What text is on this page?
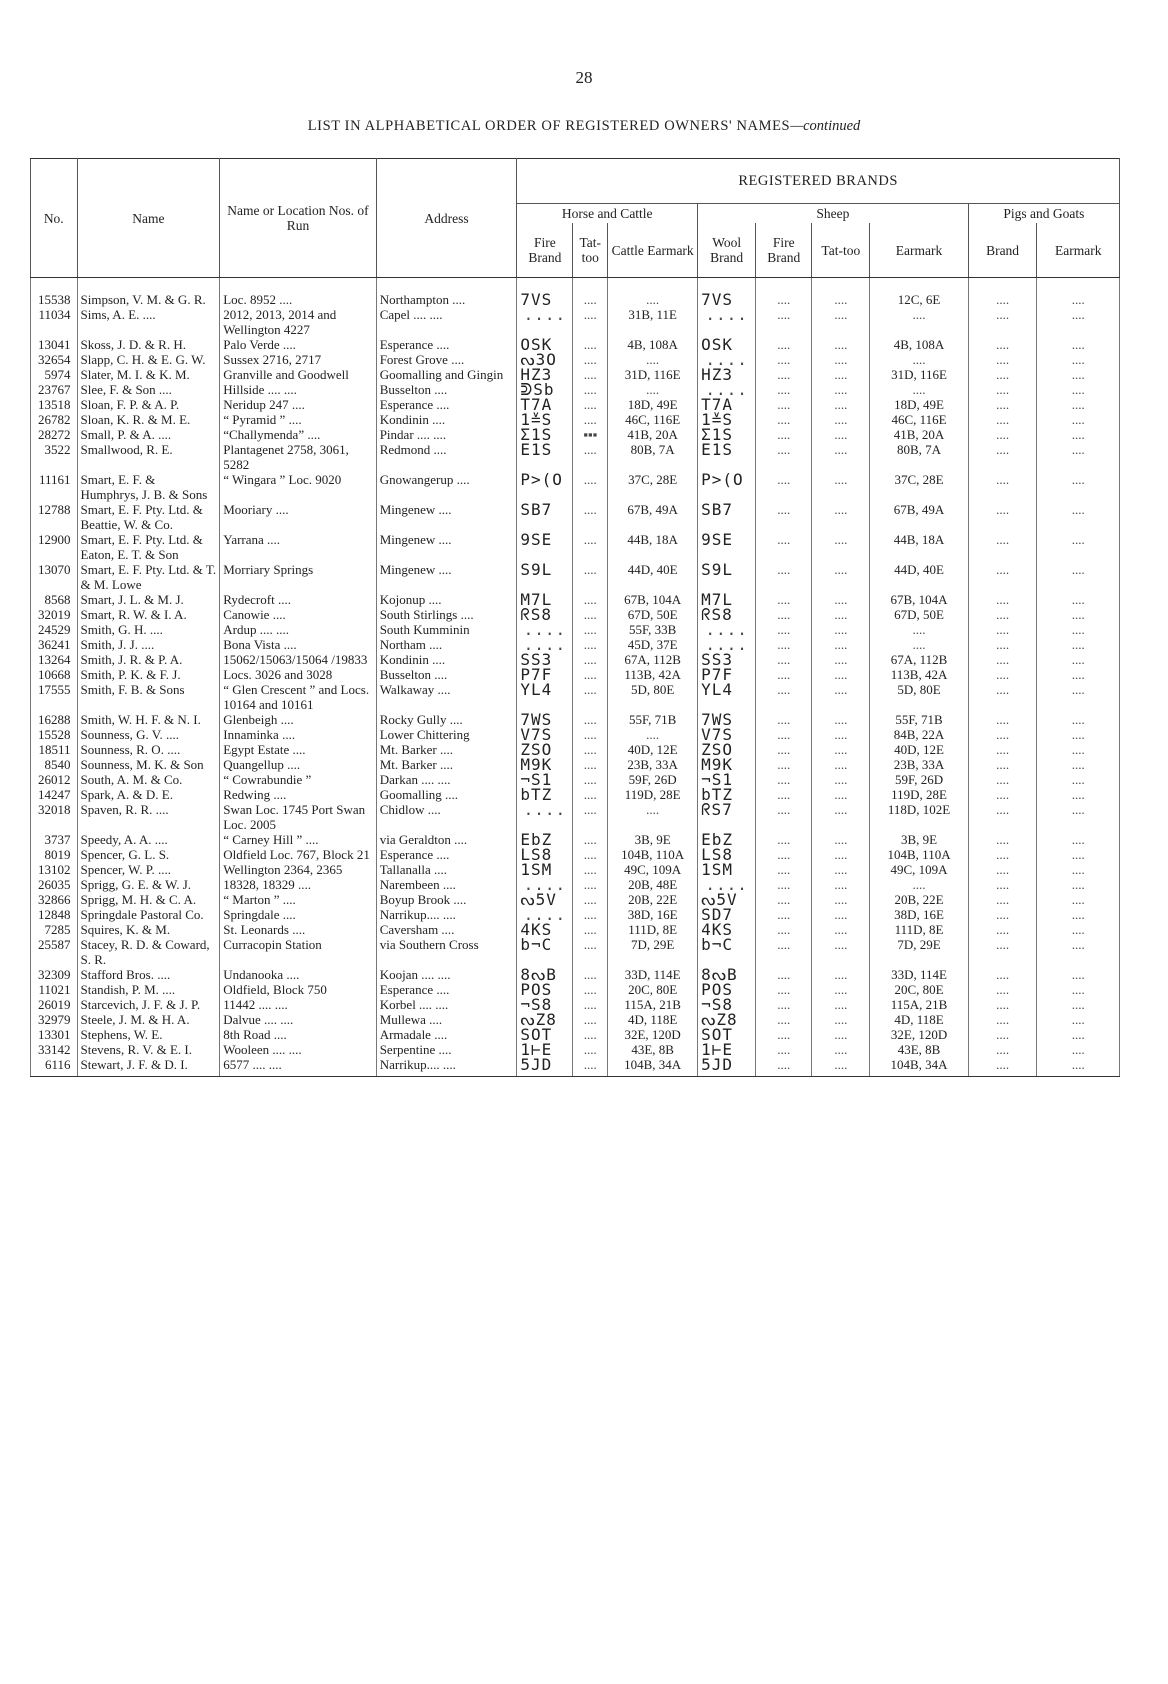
28
LIST IN ALPHABETICAL ORDER OF REGISTERED OWNERS' NAMES—continued
No.	Name	Name or Location Nos. of Run	Address	REGISTERED BRANDS								
				Horse and Cattle			Sheep				Pigs and Goats	
				Fire Brand	Tat-too	Cattle Earmark	Wool Brand	Fire Brand	Tat-too	Earmark	Brand	Earmark
15538	Simpson, V. M. & G. R.	Loc. 8952 ....	Northampton ....	7VS	....	....	7VS	....	....	12C, 6E	....	....
11034	Sims, A. E. ....	2012, 2013, 2014 and Wellington 4227	Capel .... ....	....	....	31B, 11E	....	....	....	....	....	....
13041	Skoss, J. D. & R. H.	Palo Verde ....	Esperance ....	OSK	....	4B, 108A	OSK	....	....	4B, 108A	....	....
32654	Slapp, C. H. & E. G. W.	Sussex 2716, 2717	Forest Grove ....	ᔓ3O	....	....	....	....	....	....	....	....
5974	Slater, M. I. & K. M.	Granville and Goodwell	Goomalling and Gingin	HZ3	....	31D, 116E	HZ3	....	....	31D, 116E	....	....
23767	Slee, F. & Son ....	Hillside .... ....	Busselton ....	ᕲSb	....	....	....	....	....	....	....	....
13518	Sloan, F. P. & A. P.	Neridup 247 ....	Esperance ....	T7A	....	18D, 49E	T7A	....	....	18D, 49E	....	....
26782	Sloan, K. R. & M. E.	“ Pyramid ” ....	Kondinin ....	1≚S	....	46C, 116E	1≚S	....	....	46C, 116E	....	....
28272	Small, P. & A. ....	“Challymenda” ....	Pindar .... ....	Σ1S	▪▪▪	41B, 20A	Σ1S	....	....	41B, 20A	....	....
3522	Smallwood, R. E.	Plantagenet 2758, 3061, 5282	Redmond ....	E1S	....	80B, 7A	E1S	....	....	80B, 7A	....	....
11161	Smart, E. F. & Humphrys, J. B. & Sons	“ Wingara ” Loc. 9020	Gnowangerup ....	P>(O	....	37C, 28E	P>(O	....	....	37C, 28E	....	....
12788	Smart, E. F. Pty. Ltd. & Beattie, W. & Co.	Mooriary ....	Mingenew ....	SB7	....	67B, 49A	SB7	....	....	67B, 49A	....	....
12900	Smart, E. F. Pty. Ltd. & Eaton, E. T. & Son	Yarrana ....	Mingenew ....	9SE	....	44B, 18A	9SE	....	....	44B, 18A	....	....
13070	Smart, E. F. Pty. Ltd. & T. & M. Lowe	Morriary Springs	Mingenew ....	S9L	....	44D, 40E	S9L	....	....	44D, 40E	....	....
8568	Smart, J. L. & M. J.	Rydecroft ....	Kojonup ....	M7L	....	67B, 104A	M7L	....	....	67B, 104A	....	....
32019	Smart, R. W. & I. A.	Canowie ....	South Stirlings ....	ᖇS8	....	67D, 50E	ᖇS8	....	....	67D, 50E	....	....
24529	Smith, G. H. ....	Ardup .... ....	South Kumminin	....	....	55F, 33B	....	....	....	....	....	....
36241	Smith, J. J. ....	Bona Vista ....	Northam ....	....	....	45D, 37E	....	....	....	....	....	....
13264	Smith, J. R. & P. A.	15062/15063/15064 /19833	Kondinin ....	SS3	....	67A, 112B	SS3	....	....	67A, 112B	....	....
10668	Smith, P. K. & F. J.	Locs. 3026 and 3028	Busselton ....	P7F	....	113B, 42A	P7F	....	....	113B, 42A	....	....
17555	Smith, F. B. & Sons	“ Glen Crescent ” and Locs. 10164 and 10161	Walkaway ....	YL4	....	5D, 80E	YL4	....	....	5D, 80E	....	....
16288	Smith, W. H. F. & N. I.	Glenbeigh ....	Rocky Gully ....	7WS	....	55F, 71B	7WS	....	....	55F, 71B	....	....
15528	Sounness, G. V. ....	Innaminka ....	Lower Chittering	V7S	....	....	V7S	....	....	84B, 22A	....	....
18511	Sounness, R. O. ....	Egypt Estate ....	Mt. Barker ....	ZSO	....	40D, 12E	ZSO	....	....	40D, 12E	....	....
8540	Sounness, M. K. & Son	Quangellup ....	Mt. Barker ....	M9K	....	23B, 33A	M9K	....	....	23B, 33A	....	....
26012	South, A. M. & Co.	“ Cowrabundie ”	Darkan .... ....	¬S1	....	59F, 26D	¬S1	....	....	59F, 26D	....	....
14247	Spark, A. & D. E.	Redwing ....	Goomalling ....	bTZ	....	119D, 28E	bTZ	....	....	119D, 28E	....	....
32018	Spaven, R. R. ....	Swan Loc. 1745 Port Swan Loc. 2005	Chidlow ....	....	....	....	ᖇS7	....	....	118D, 102E	....	....
3737	Speedy, A. A. ....	“ Carney Hill ” ....	via Geraldton ....	EbZ	....	3B, 9E	EbZ	....	....	3B, 9E	....	....
8019	Spencer, G. L. S.	Oldfield Loc. 767, Block 21	Esperance ....	LS8	....	104B, 110A	LS8	....	....	104B, 110A	....	....
13102	Spencer, W. P. ....	Wellington 2364, 2365	Tallanalla ....	1SM	....	49C, 109A	1SM	....	....	49C, 109A	....	....
26035	Sprigg, G. E. & W. J.	18328, 18329 ....	Narembeen ....	....	....	20B, 48E	....	....	....	....	....	....
32866	Sprigg, M. H. & C. A.	“ Marton ” ....	Boyup Brook ....	ᔓ5V	....	20B, 22E	ᔓ5V	....	....	20B, 22E	....	....
12848	Springdale Pastoral Co.	Springdale ....	Narrikup.... ....	....	....	38D, 16E	SD7	....	....	38D, 16E	....	....
7285	Squires, K. & M.	St. Leonards ....	Caversham ....	4KS	....	111D, 8E	4KS	....	....	111D, 8E	....	....
25587	Stacey, R. D. & Coward, S. R.	Curracopin Station	via Southern Cross	b¬C	....	7D, 29E	b¬C	....	....	7D, 29E	....	....
32309	Stafford Bros. ....	Undanooka ....	Koojan .... ....	8ᔓB	....	33D, 114E	8ᔓB	....	....	33D, 114E	....	....
11021	Standish, P. M. ....	Oldfield, Block 750	Esperance ....	POS	....	20C, 80E	POS	....	....	20C, 80E	....	....
26019	Starcevich, J. F. & J. P.	11442 .... ....	Korbel .... ....	¬S8	....	115A, 21B	¬S8	....	....	115A, 21B	....	....
32979	Steele, J. M. & H. A.	Dalvue .... ....	Mullewa ....	ᔓZ8	....	4D, 118E	ᔓZ8	....	....	4D, 118E	....	....
13301	Stephens, W. E.	8th Road ....	Armadale ....	SOT	....	32E, 120D	SOT	....	....	32E, 120D	....	....
33142	Stevens, R. V. & E. I.	Wooleen .... ....	Serpentine ....	1⊢E	....	43E, 8B	1⊢E	....	....	43E, 8B	....	....
6116	Stewart, J. F. & D. I.	6577 .... ....	Narrikup.... ....	5JD	....	104B, 34A	5JD	....	....	104B, 34A	....	....
